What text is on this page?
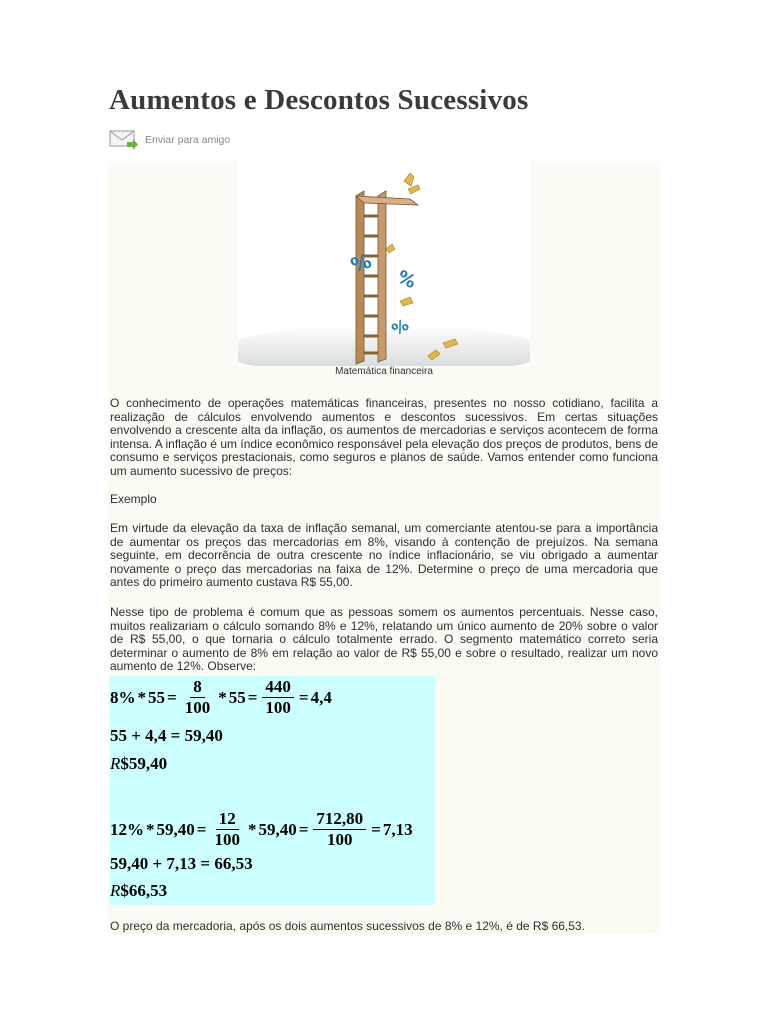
Aumentos e Descontos Sucessivos
Enviar para amigo
%
%
%
Matemática financeira

O conhecimento de operações matemáticas financeiras, presentes no nosso cotidiano, facilita a realização de cálculos envolvendo aumentos e descontos sucessivos. Em certas situações envolvendo a crescente alta da inflação, os aumentos de mercadorias e serviços acontecem de forma intensa. A inflação é um índice econômico responsável pela elevação dos preços de produtos, bens de consumo e serviços prestacionais, como seguros e planos de saúde. Vamos entender como funciona um aumento sucessivo de preços:

Exemplo

Em virtude da elevação da taxa de inflação semanal, um comerciante atentou-se para a importância de aumentar os preços das mercadorias em 8%, visando à contenção de prejuízos. Na semana seguinte, em decorrência de outra crescente no índice inflacionário, se viu obrigado a aumentar novamente o preço das mercadorias na faixa de 12%. Determine o preço de uma mercadoria que antes do primeiro aumento custava R$ 55,00.

Nesse tipo de problema é comum que as pessoas somem os aumentos percentuais. Nesse caso, muitos realizariam o cálculo somando 8% e 12%, relatando um único aumento de 20% sobre o valor de R$ 55,00, o que tornaria o cálculo totalmente errado. O segmento matemático correto seria determinar o aumento de 8% em relação ao valor de R$ 55,00 e sobre o resultado, realizar um novo aumento de 12%. Observe:

$8\% * 55 = \frac{8}{100} * 55 = \frac{440}{100} = 4,4$
55 + 4,4 = 59,40
R $59,40
$12\% * 59,40 = \frac{12}{100} * 59,40 = \frac{712,80}{100} = 7,13$
59,40 + 7,13 = 66,53
R $66,53

O preço da mercadoria, após os dois aumentos sucessivos de 8% e 12%, é de R$ 66,53.
